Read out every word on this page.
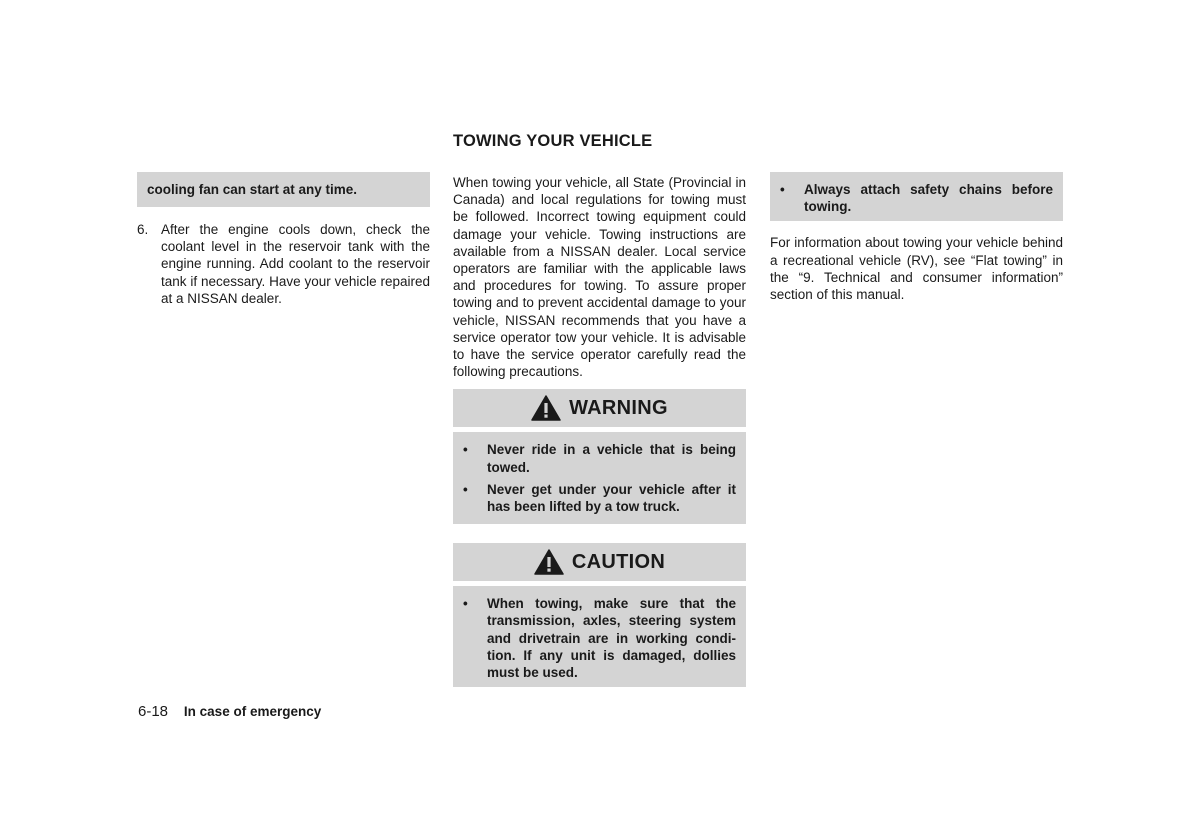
cooling fan can start at any time.
6. After the engine cools down, check the coolant level in the reservoir tank with the engine running. Add coolant to the reservoir tank if necessary. Have your vehicle repaired at a NISSAN dealer.
TOWING YOUR VEHICLE

When towing your vehicle, all State (Provincial in Canada) and local regulations for towing must be followed. Incorrect towing equipment could damage your vehicle. Towing instructions are available from a NISSAN dealer. Local service operators are familiar with the applicable laws and procedures for towing. To assure proper towing and to prevent accidental damage to your vehicle, NISSAN recommends that you have a service operator tow your vehicle. It is advisable to have the service operator carefully read the following precautions.

WARNING
•	Never ride in a vehicle that is being towed.
•	Never get under your vehicle after it has been lifted by a tow truck.
CAUTION
•	When towing, make sure that the transmission, axles, steering system and drivetrain are in working condi- tion. If any unit is damaged, dollies must be used.
•	Always attach safety chains before towing.

For information about towing your vehicle behind a recreational vehicle (RV), see “Flat towing” in the “9. Technical and consumer information” section of this manual.

6-18 In case of emergency
